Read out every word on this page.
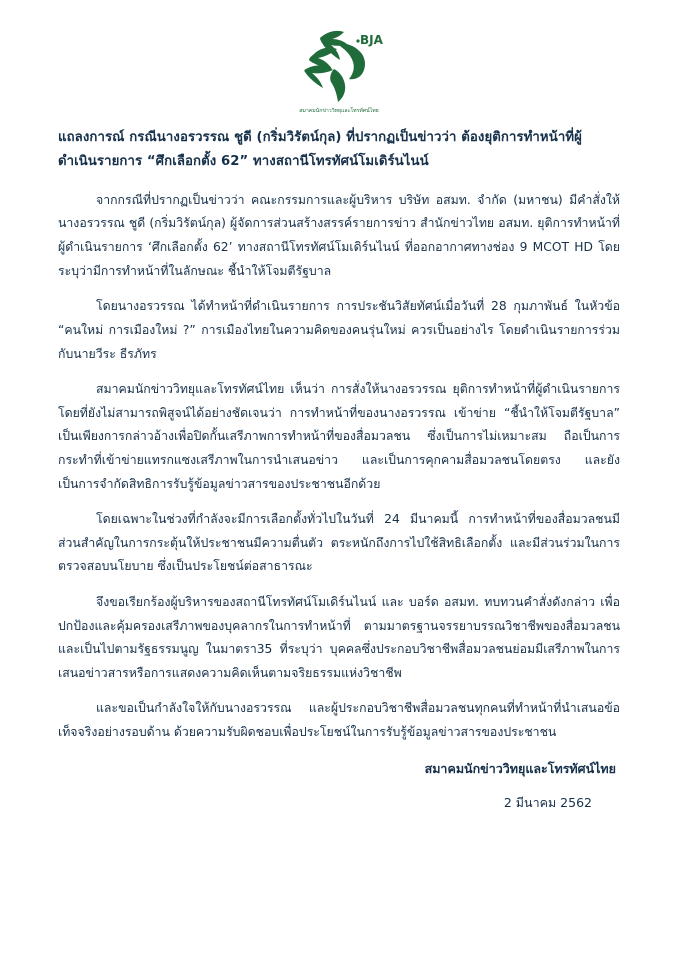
BJA
สมาคมนักข่าววิทยุและโทรทัศน์ไทย
แถลงการณ์ กรณีนางอรวรรณ ชูดี (กริ่มวิรัตน์กุล) ที่ปรากฏเป็นข่าวว่า ต้องยุติการทำหน้าที่ผู้ดำเนินรายการ “ศึกเลือกตั้ง 62” ทางสถานีโทรทัศน์โมเดิร์นไนน์

จากกรณีที่ปรากฏเป็นข่าวว่า คณะกรรมการและผู้บริหาร บริษัท อสมท. จำกัด (มหาชน) มีคำสั่งให้ นางอรวรรณ ชูดี (กริ่มวิรัตน์กุล) ผู้จัดการส่วนสร้างสรรค์รายการข่าว สำนักข่าวไทย อสมท. ยุติการทำหน้าที่ผู้ดำเนินรายการ ‘ศึกเลือกตั้ง 62’ ทางสถานีโทรทัศน์โมเดิร์นไนน์ ที่ออกอากาศทางช่อง 9 MCOT HD โดยระบุว่ามีการทำหน้าที่ในลักษณะ ชี้นำให้โจมตีรัฐบาล

โดยนางอรวรรณ ได้ทำหน้าที่ดำเนินรายการ การประชันวิสัยทัศน์เมื่อวันที่ 28 กุมภาพันธ์ ในหัวข้อ “คนใหม่ การเมืองใหม่ ?” การเมืองไทยในความคิดของคนรุ่นใหม่ ควรเป็นอย่างไร โดยดำเนินรายการร่วมกับนายวีระ ธีรภัทร

สมาคมนักข่าววิทยุและโทรทัศน์ไทย เห็นว่า การสั่งให้นางอรวรรณ ยุติการทำหน้าที่ผู้ดำเนินรายการโดยที่ยังไม่สามารถพิสูจน์ได้อย่างชัดเจนว่า การทำหน้าที่ของนางอรวรรณ เข้าข่าย “ชี้นำให้โจมตีรัฐบาล” เป็นเพียงการกล่าวอ้างเพื่อปิดกั้นเสรีภาพการทำหน้าที่ของสื่อมวลชน ซึ่งเป็นการไม่เหมาะสม ถือเป็นการกระทำที่เข้าข่ายแทรกแซงเสรีภาพในการนำเสนอข่าว และเป็นการคุกคามสื่อมวลชนโดยตรง และยังเป็นการจำกัดสิทธิการรับรู้ข้อมูลข่าวสารของประชาชนอีกด้วย

โดยเฉพาะในช่วงที่กำลังจะมีการเลือกตั้งทั่วไปในวันที่ 24 มีนาคมนี้ การทำหน้าที่ของสื่อมวลชนมีส่วนสำคัญในการกระตุ้นให้ประชาชนมีความตื่นตัว ตระหนักถึงการไปใช้สิทธิเลือกตั้ง และมีส่วนร่วมในการตรวจสอบนโยบาย ซึ่งเป็นประโยชน์ต่อสาธารณะ

จึงขอเรียกร้องผู้บริหารของสถานีโทรทัศน์โมเดิร์นไนน์ และ บอร์ด อสมท. ทบทวนคำสั่งดังกล่าว เพื่อปกป้องและคุ้มครองเสรีภาพของบุคลากรในการทำหน้าที่ ตามมาตรฐานจรรยาบรรณวิชาชีพของสื่อมวลชน และเป็นไปตามรัฐธรรมนูญ ในมาตรา35 ที่ระบุว่า บุคคลซึ่งประกอบวิชาชีพสื่อมวลชนย่อมมีเสรีภาพในการเสนอข่าวสารหรือการแสดงความคิดเห็นตามจริยธรรมแห่งวิชาชีพ

และขอเป็นกำลังใจให้กับนางอรวรรณ และผู้ประกอบวิชาชีพสื่อมวลชนทุกคนที่ทำหน้าที่นำเสนอข้อเท็จจริงอย่างรอบด้าน ด้วยความรับผิดชอบเพื่อประโยชน์ในการรับรู้ข้อมูลข่าวสารของประชาชน

สมาคมนักข่าววิทยุและโทรทัศน์ไทย

2 มีนาคม 2562
